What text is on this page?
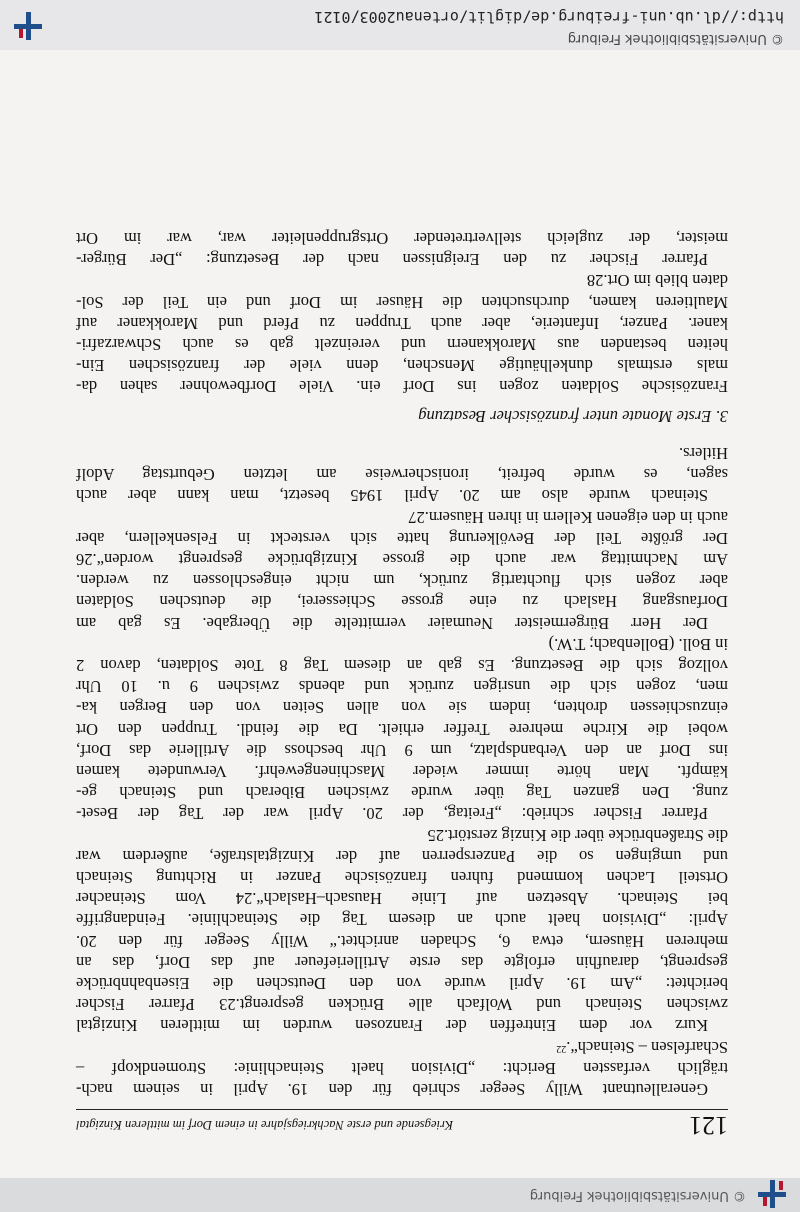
© Universitätsbibliothek Freiburg
121
Kriegsende und erste Nachkriegsjahre in einem Dorf im mittleren Kinzigtal
Generalleutnant Willy Seeger schrieb für den 19. April in seinem nach-
träglich verfassten Bericht: „Division haelt Steinachlinie: Stromendkopf –
Scharfelsen – Steinach“.$^{22}$
Kurz vor dem Eintreffen der Franzosen wurden im mittleren Kinzigtal
zwischen Steinach und Wolfach alle Brücken gesprengt.23 Pfarrer Fischer
berichtet: „Am 19. April wurde von den Deutschen die Eisenbahnbrücke
gesprengt, daraufhin erfolgte das erste Artilleriefeuer auf das Dorf, das an
mehreren Häusern, etwa 6, Schaden anrichtet.“ Willy Seeger für den 20.
April: „Division haelt auch an diesem Tag die Steinachlinie. Feindangriffe
bei Steinach. Absetzen auf Linie Hausach–Haslach“.24 Vom Steinacher
Ortsteil Lachen kommend fuhren französische Panzer in Richtung Steinach
und umgingen so die Panzersperren auf der Kinzigtalstraße, außerdem war
die Straßenbrücke über die Kinzig zerstört.25
Pfarrer Fischer schrieb: „Freitag, der 20. April war der Tag der Beset-
zung. Den ganzen Tag über wurde zwischen Biberach und Steinach ge-
kämpft. Man hörte immer wieder Maschinengewehrf. Verwundete kamen
ins Dorf an den Verbandsplatz, um 9 Uhr beschoss die Artillerie das Dorf,
wobei die Kirche mehrere Treffer erhielt. Da die feindl. Truppen den Ort
einzuschiessen drohten, indem sie von allen Seiten von den Bergen ka-
men, zogen sich die unsrigen zurück und abends zwischen 9 u. 10 Uhr
vollzog sich die Besetzung. Es gab an diesem Tag 8 Tote Soldaten, davon 2
in Boll. (Bollenbach; T.W.)
Der Herr Bürgermeister Neumaier vermittelte die Übergabe. Es gab am
Dorfausgang Haslach zu eine grosse Schiesserei, die deutschen Soldaten
aber zogen sich fluchtartig zurück, um nicht eingeschlossen zu werden.
Am Nachmittag war auch die grosse Kinzigbrücke gesprengt worden“.26
Der größte Teil der Bevölkerung hatte sich versteckt in Felsenkellern, aber
auch in den eigenen Kellern in ihren Häusern.27
Steinach wurde also am 20. April 1945 besetzt, man kann aber auch
sagen, es wurde befreit, ironischerweise am letzten Geburtstag Adolf
Hitlers.
3. Erste Monate unter französischer Besatzung
Französische Soldaten zogen ins Dorf ein. Viele Dorfbewohner sahen da-
mals erstmals dunkelhäutige Menschen, denn viele der französischen Ein-
heiten bestanden aus Marokkanern und vereinzelt gab es auch Schwarzafri-
kaner. Panzer, Infanterie, aber auch Truppen zu Pferd und Marokkaner auf
Maultieren kamen, durchsuchten die Häuser im Dorf und ein Teil der Sol-
daten blieb im Ort.28
Pfarrer Fischer zu den Ereignissen nach der Besetzung: „Der Bürger-
meister, der zugleich stellvertretender Ortsgruppenleiter war, war im Ort
© Universitätsbibliothek Freiburg
http://dl.ub.uni-freiburg.de/diglit/ortenau2003/0121
